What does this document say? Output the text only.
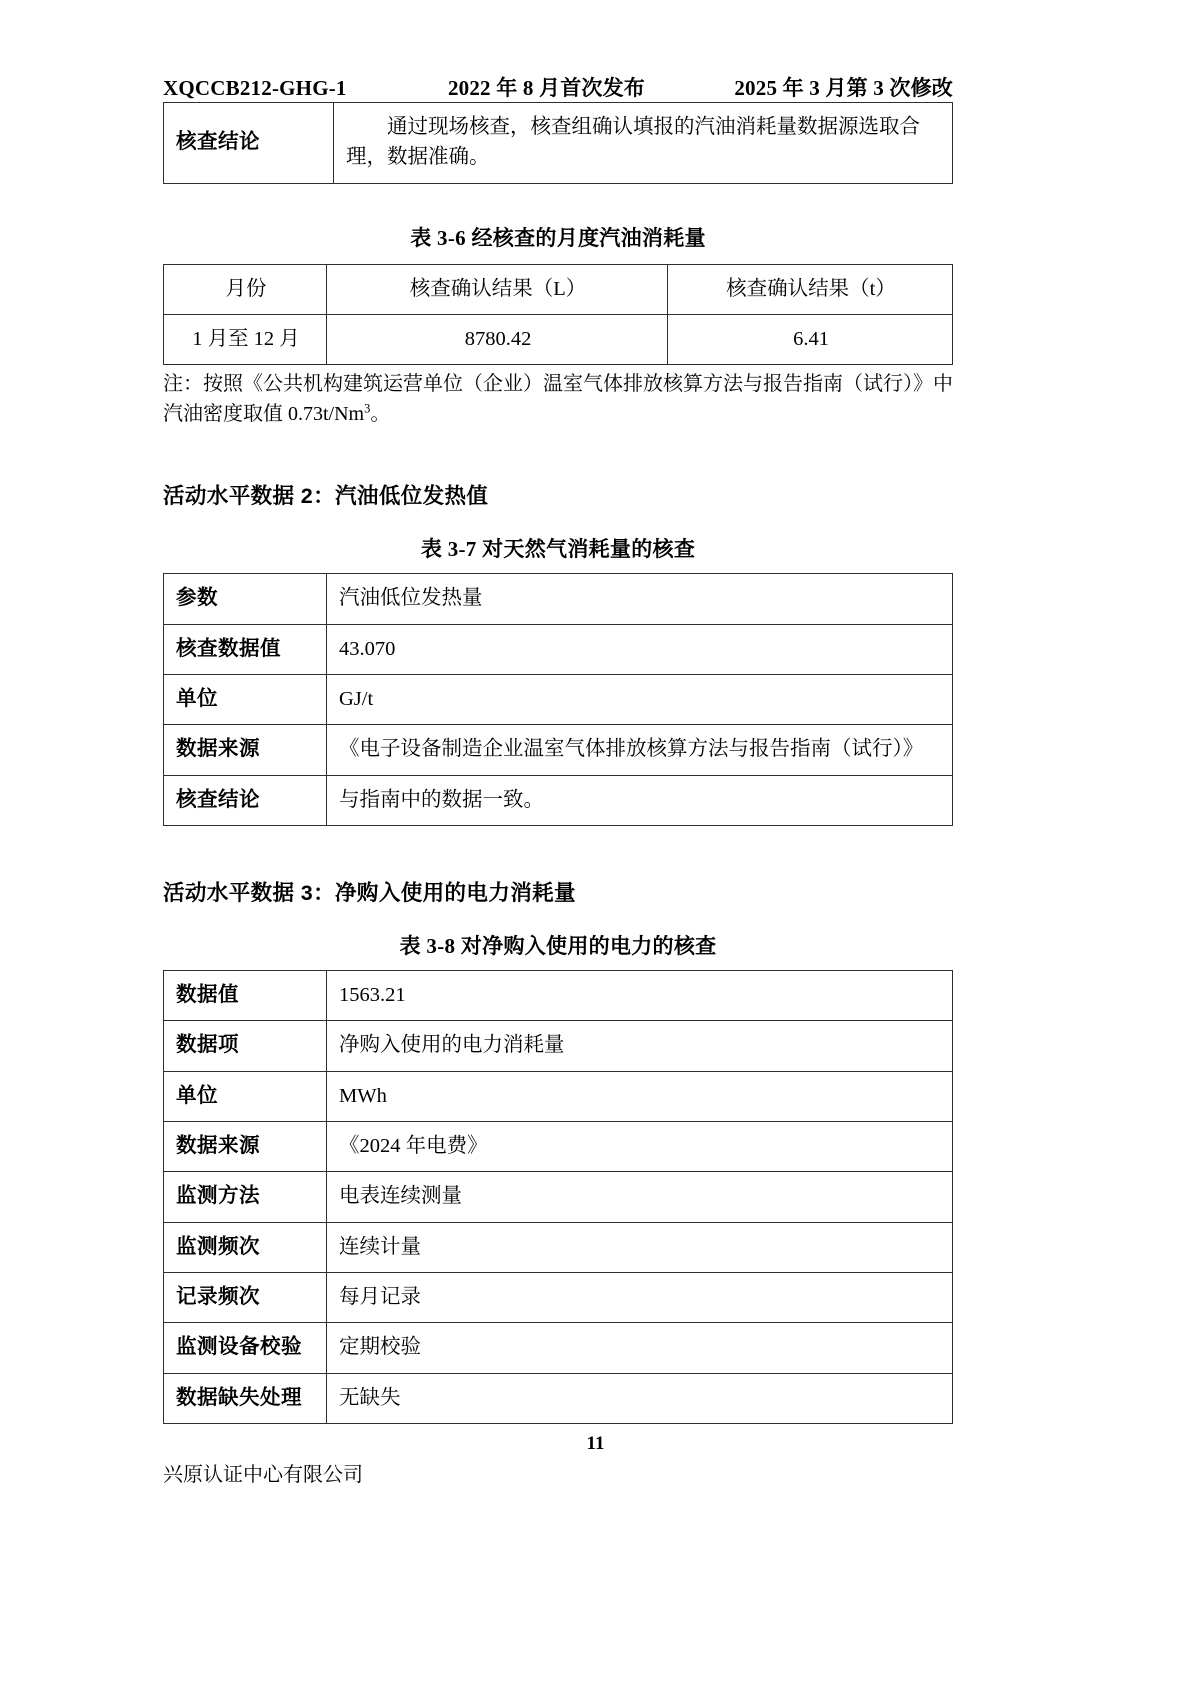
XQCCB212-GHG-1	2022 年 8 月首次发布	2025 年 3 月第 3 次修改
核查结论	通过现场核查，核查组确认填报的汽油消耗量数据源选取合理，数据准确。
表 3-6 经核查的月度汽油消耗量
月份	核查确认结果（L）	核查确认结果（t）
1 月至 12 月	8780.42	6.41
注：按照《公共机构建筑运营单位（企业）温室气体排放核算方法与报告指南（试行）》中汽油密度取值 0.73t/Nm$^3$。
活动水平数据 2：汽油低位发热值
表 3-7 对天然气消耗量的核查
参数	汽油低位发热量
核查数据值	43.070
单位	GJ/t
数据来源	《电子设备制造企业温室气体排放核算方法与报告指南（试行）》
核查结论	与指南中的数据一致。
活动水平数据 3：净购入使用的电力消耗量
表 3-8 对净购入使用的电力的核查
数据值	1563.21
数据项	净购入使用的电力消耗量
单位	MWh
数据来源	《2024 年电费》
监测方法	电表连续测量
监测频次	连续计量
记录频次	每月记录
监测设备校验	定期校验
数据缺失处理	无缺失
11
兴原认证中心有限公司
